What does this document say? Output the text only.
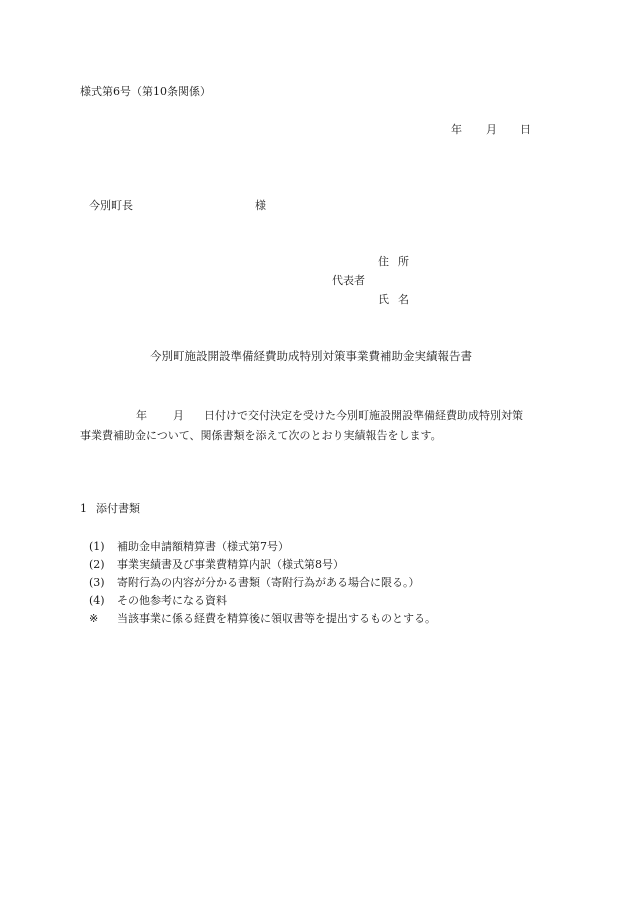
様式第6号（第10条関係）
年 月 日
今別町長	様
住所
代表者
氏名
今別町施設開設準備経費助成特別対策事業費補助金実績報告書
年 月 日付けで交付決定を受けた今別町施設開設準備経費助成特別対策
事業費補助金について、関係書類を添えて次のとおり実績報告をします。
1 添付書類
(1) 補助金申請額精算書（様式第7号）
(2) 事業実績書及び事業費精算内訳（様式第8号）
(3) 寄附行為の内容が分かる書類（寄附行為がある場合に限る。）
(4) その他参考になる資料
※ 当該事業に係る経費を精算後に領収書等を提出するものとする。
